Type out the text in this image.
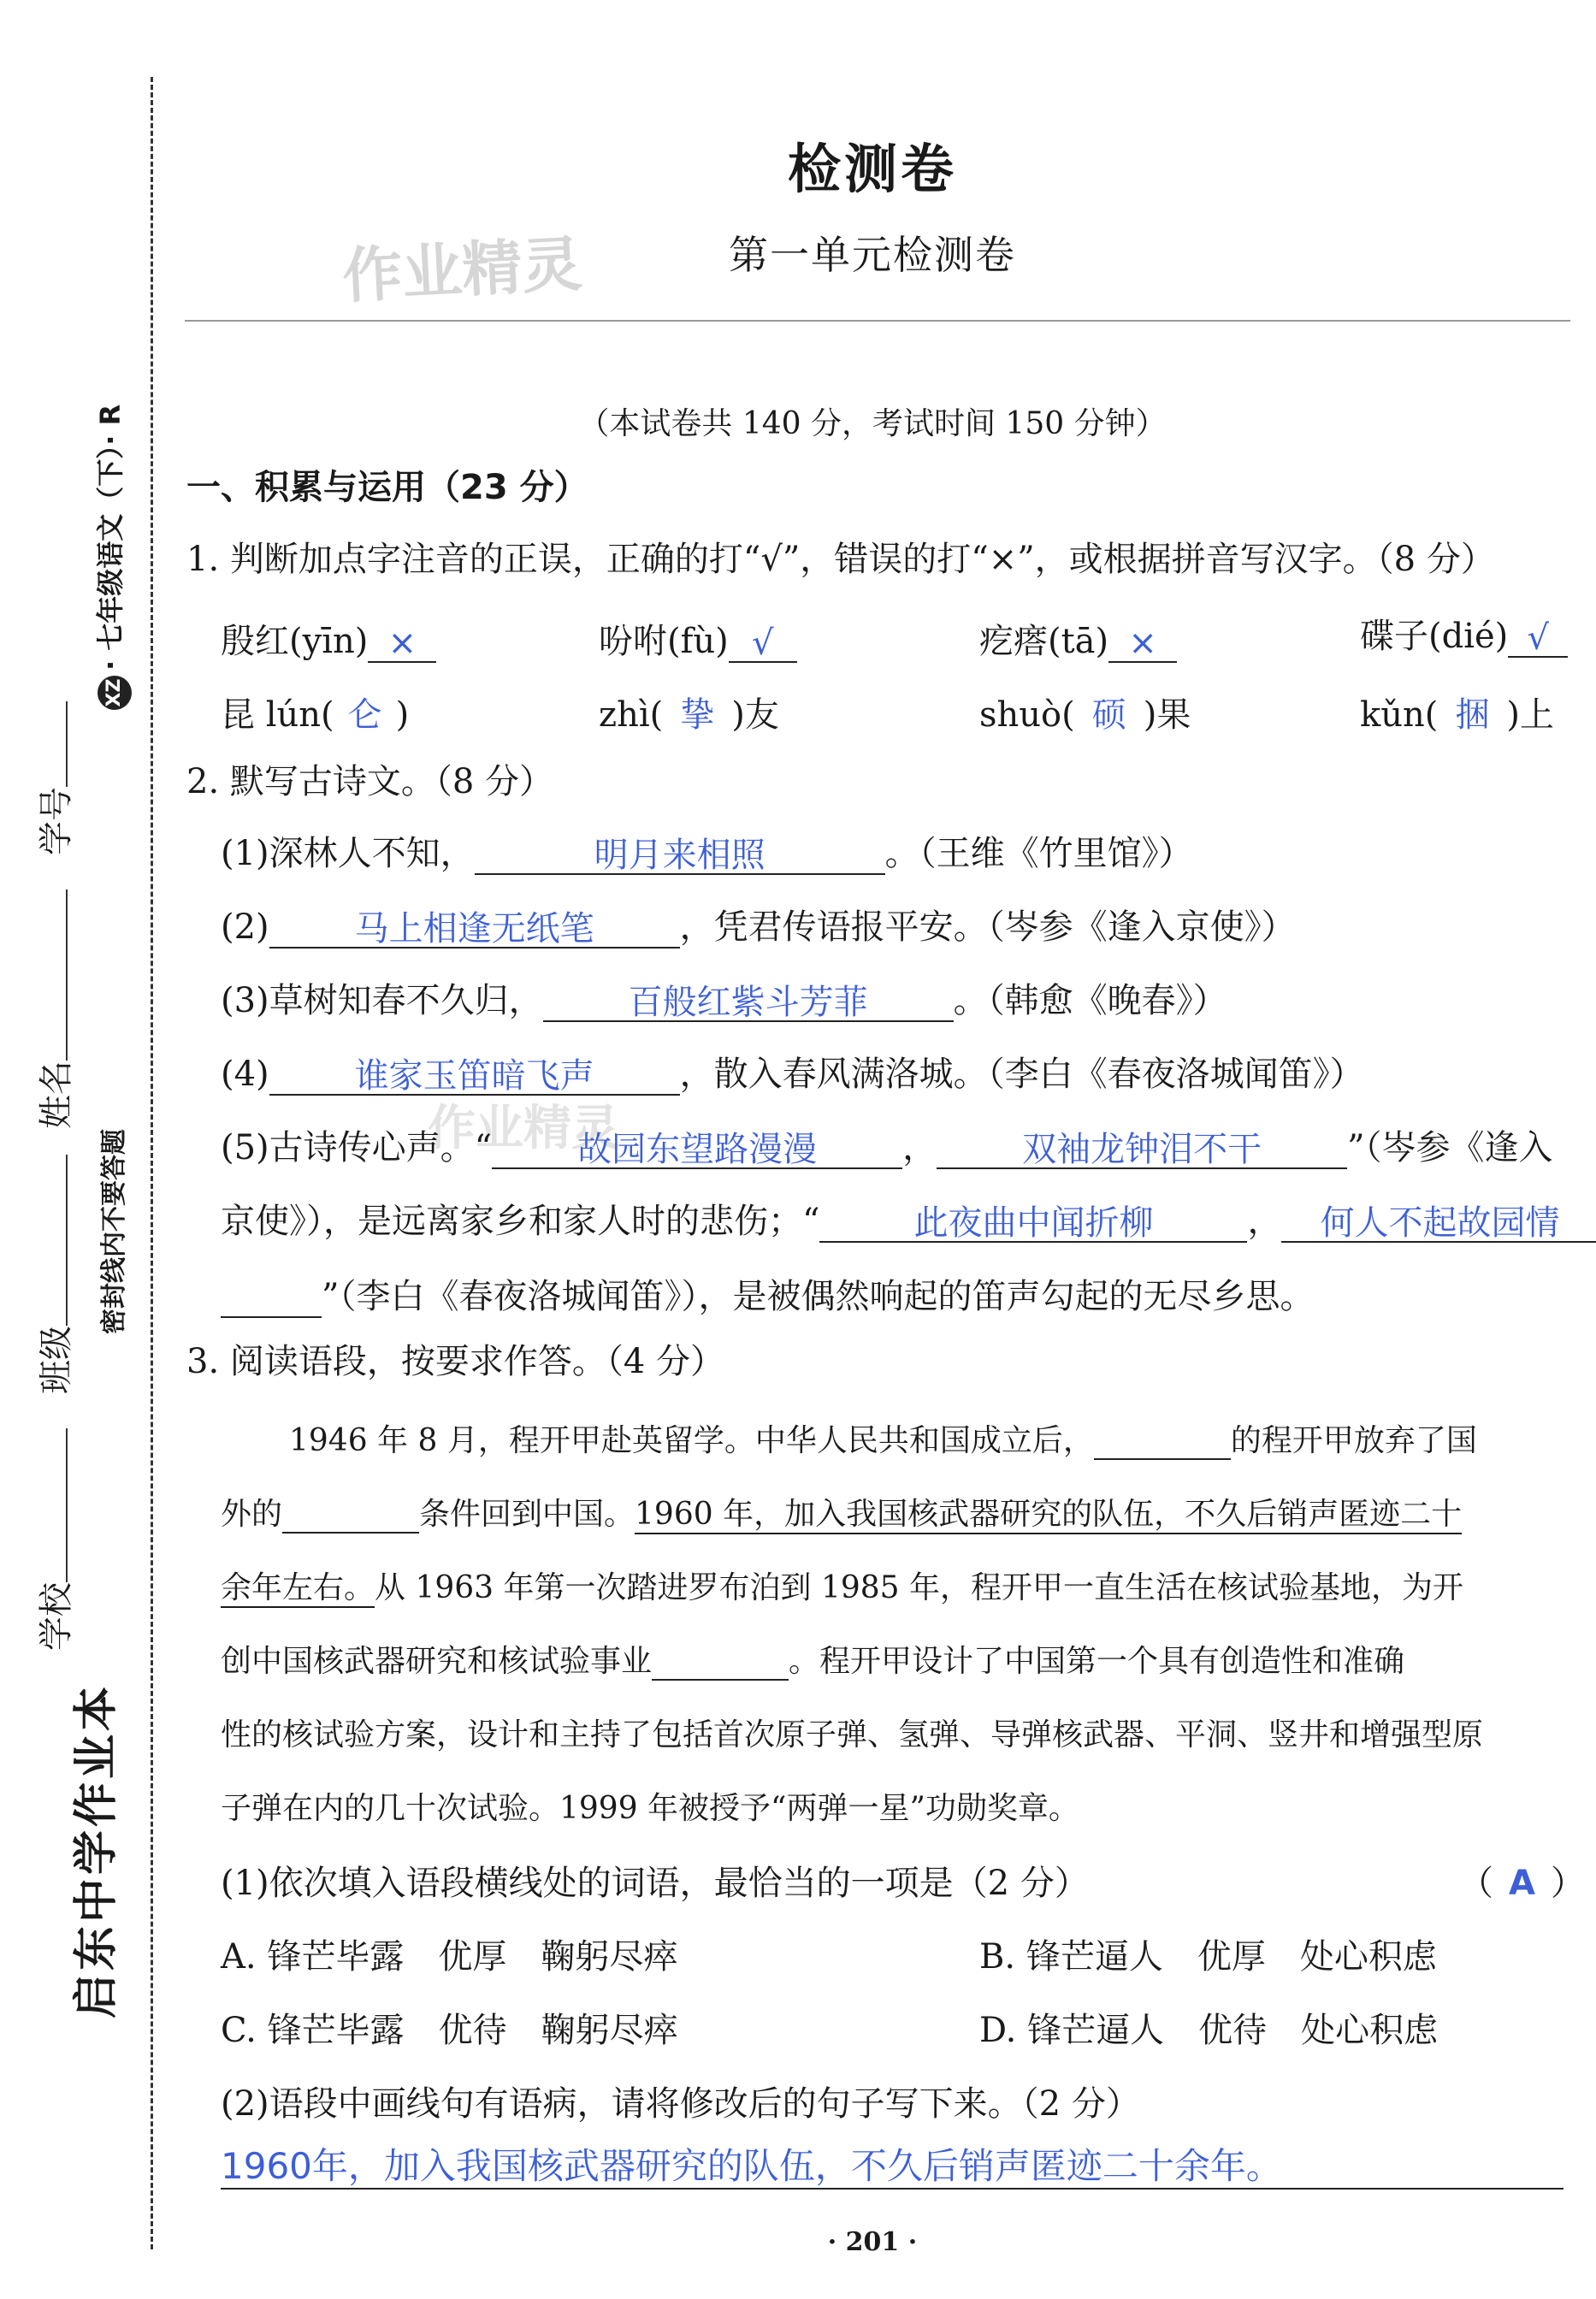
启东中学作业本
学校
班级
姓名
学号
密封线内不要答题
XZ· 七年级语文（下）· R
作业精灵
作业精灵
检测卷
第一单元检测卷
（本试卷共 140 分，考试时间 150 分钟）
一、积累与运用（23 分）
1. 判断加点字注音的正误，正确的打“√”，错误的打“×”，或根据拼音写汉字。（8 分）
殷红(yīn) ×	吩咐(fù) √	疙瘩(tā) ×	碟子(dié) √
昆 lún( 仑 )	zhì( 挚 )友	shuò( 硕 )果	kǔn( 捆 )上
2. 默写古诗文。（8 分）
(1)深林人不知，	明月来相照	。（王维《竹里馆》）
(2)	马上相逢无纸笔	，凭君传语报平安。（岑参《逢入京使》）
(3)草树知春不久归，	百般红紫斗芳菲	。（韩愈《晚春》）
(4)	谁家玉笛暗飞声	，散入春风满洛城。（李白《春夜洛城闻笛》）
(5)古诗传心声。“	故园东望路漫漫	，	双袖龙钟泪不干	”（岑参《逢入
京使》），是远离家乡和家人时的悲伤；“	此夜曲中闻折柳	， 何人不起故园情
”（李白《春夜洛城闻笛》），是被偶然响起的笛声勾起的无尽乡思。
3. 阅读语段，按要求作答。（4 分）
1946 年 8 月，程开甲赴英留学。中华人民共和国成立后，	的程开甲放弃了国
外的	条件回到中国。1960 年，加入我国核武器研究的队伍，不久后销声匿迹二十
余年左右。从 1963 年第一次踏进罗布泊到 1985 年，程开甲一直生活在核试验基地，为开
创中国核武器研究和核试验事业	。程开甲设计了中国第一个具有创造性和准确
性的核试验方案，设计和主持了包括首次原子弹、氢弹、导弹核武器、平洞、竖井和增强型原
子弹在内的几十次试验。1999 年被授予“两弹一星”功勋奖章。
(1)依次填入语段横线处的词语，最恰当的一项是（2 分）	（ A ）
A. 锋芒毕露　优厚　鞠躬尽瘁	B. 锋芒逼人　优厚　处心积虑
C. 锋芒毕露　优待　鞠躬尽瘁	D. 锋芒逼人　优待　处心积虑
(2)语段中画线句有语病，请将修改后的句子写下来。（2 分）
1960年，加入我国核武器研究的队伍，不久后销声匿迹二十余年。
· 201 ·
